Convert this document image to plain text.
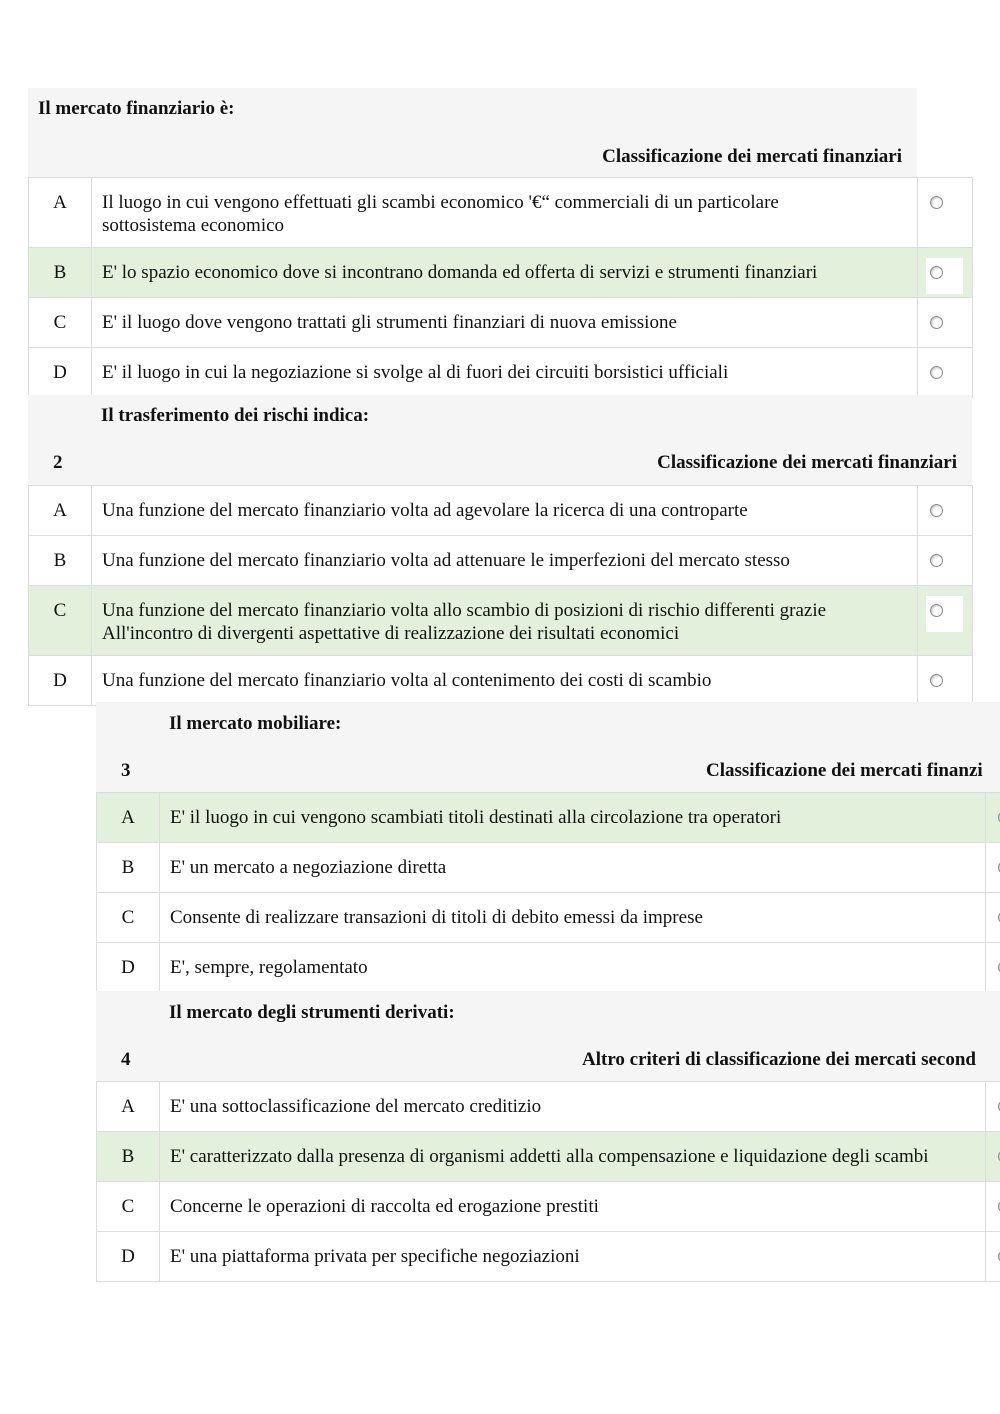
Il mercato finanziario è:
Classificazione dei mercati finanziari
A	Il luogo in cui vengono effettuati gli scambi economico '€“ commerciali di un particolare sottosistema economico	
B	E' lo spazio economico dove si incontrano domanda ed offerta di servizi e strumenti finanziari	
C	E' il luogo dove vengono trattati gli strumenti finanziari di nuova emissione	
D	E' il luogo in cui la negoziazione si svolge al di fuori dei circuiti borsistici ufficiali	
Il trasferimento dei rischi indica:
2	Classificazione dei mercati finanziari
A	Una funzione del mercato finanziario volta ad agevolare la ricerca di una controparte	
B	Una funzione del mercato finanziario volta ad attenuare le imperfezioni del mercato stesso	
C	Una funzione del mercato finanziario volta allo scambio di posizioni di rischio differenti grazie All'incontro di divergenti aspettative di realizzazione dei risultati economici	
D	Una funzione del mercato finanziario volta al contenimento dei costi di scambio	
Il mercato mobiliare:
3	Classificazione dei mercati finanzi
A	E' il luogo in cui vengono scambiati titoli destinati alla circolazione tra operatori	
B	E' un mercato a negoziazione diretta	
C	Consente di realizzare transazioni di titoli di debito emessi da imprese	
D	E', sempre, regolamentato	
Il mercato degli strumenti derivati:
4	Altro criteri di classificazione dei mercati second
A	E' una sottoclassificazione del mercato creditizio	
B	E' caratterizzato dalla presenza di organismi addetti alla compensazione e liquidazione degli scambi	
C	Concerne le operazioni di raccolta ed erogazione prestiti	
D	E' una piattaforma privata per specifiche negoziazioni	
